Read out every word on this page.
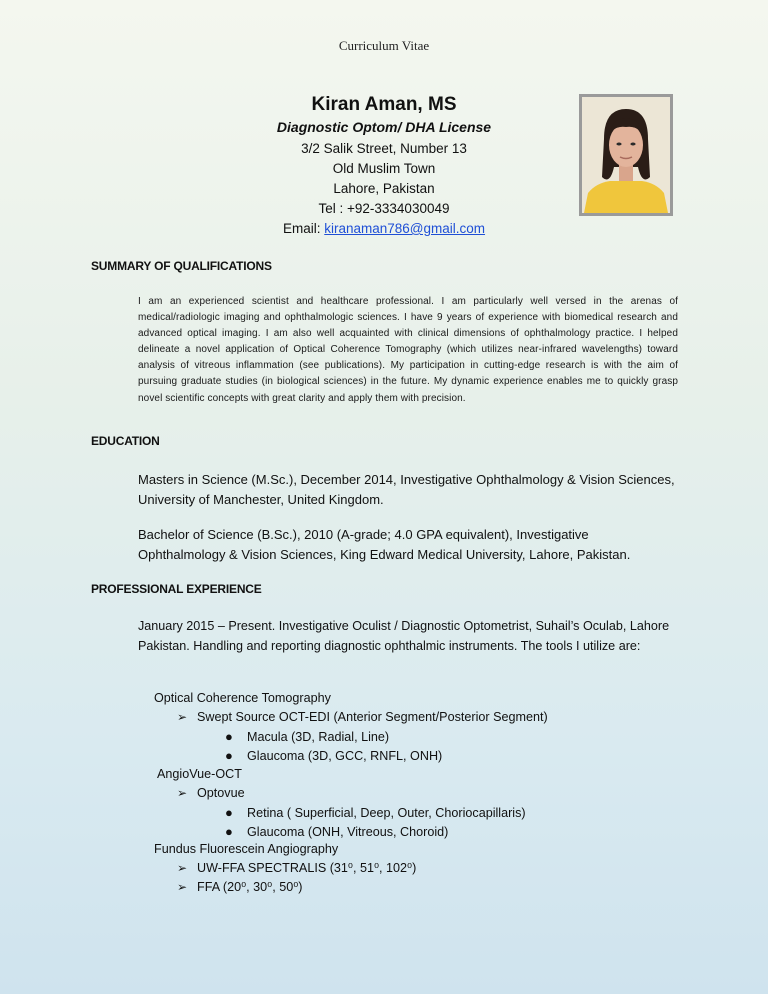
Curriculum Vitae
Kiran Aman, MS
Diagnostic Optom/ DHA License
3/2 Salik Street, Number 13
Old Muslim Town
Lahore, Pakistan
Tel : +92-3334030049
Email: kiranaman786@gmail.com
SUMMARY OF QUALIFICATIONS
I am an experienced scientist and healthcare professional. I am particularly well versed in the arenas of medical/radiologic imaging and ophthalmologic sciences. I have 9 years of experience with biomedical research and advanced optical imaging. I am also well acquainted with clinical dimensions of ophthalmology practice. I helped delineate a novel application of Optical Coherence Tomography (which utilizes near-infrared wavelengths) toward analysis of vitreous inflammation (see publications). My participation in cutting-edge research is with the aim of pursuing graduate studies (in biological sciences) in the future. My dynamic experience enables me to quickly grasp novel scientific concepts with great clarity and apply them with precision.
EDUCATION
Masters in Science (M.Sc.), December 2014, Investigative Ophthalmology & Vision Sciences, University of Manchester, United Kingdom.
Bachelor of Science (B.Sc.), 2010 (A-grade; 4.0 GPA equivalent), Investigative Ophthalmology & Vision Sciences, King Edward Medical University, Lahore, Pakistan.
PROFESSIONAL EXPERIENCE
January 2015 – Present. Investigative Oculist / Diagnostic Optometrist, Suhail’s Oculab, Lahore Pakistan. Handling and reporting diagnostic ophthalmic instruments. The tools I utilize are:
Optical Coherence Tomography
➢ Swept Source OCT-EDI (Anterior Segment/Posterior Segment)
● Macula (3D, Radial, Line)
● Glaucoma (3D, GCC, RNFL, ONH)
AngioVue-OCT
➢ Optovue
● Retina ( Superficial, Deep, Outer, Choriocapillaris)
● Glaucoma (ONH, Vitreous, Choroid)
Fundus Fluorescein Angiography
➢ UW-FFA SPECTRALIS (31⁰, 51⁰, 102⁰)
➢ FFA (20⁰, 30⁰, 50⁰)
